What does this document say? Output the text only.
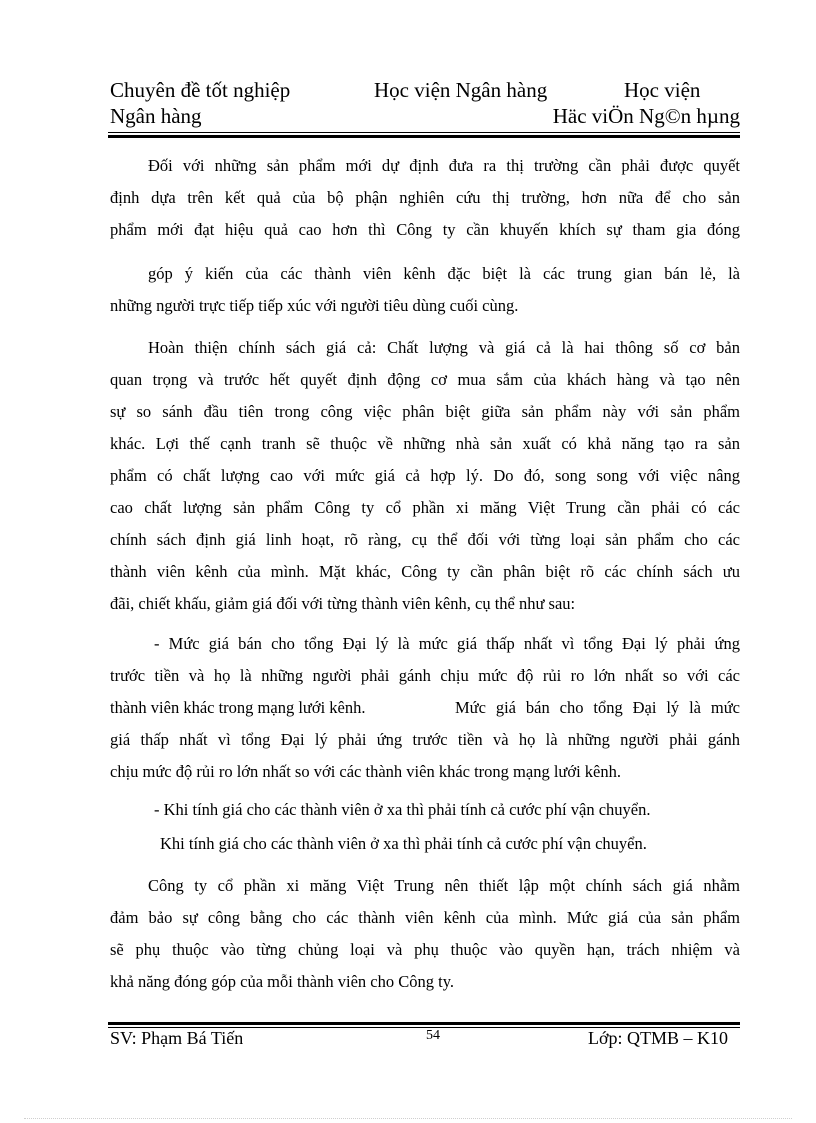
Chuyên đề tốt nghiệp	Học viện Ngân hàng	Học viện
Ngân hàng	Häc viÖn Ng©n hµng
Đối với những sản phẩm mới dự định đưa ra thị trường cần phải được quyết
định dựa trên kết quả của bộ phận nghiên cứu thị trường, hơn nữa để cho sản
phẩm mới đạt hiệu quả cao hơn thì Công ty cần khuyến khích sự tham gia đóng
góp ý kiến của các thành viên kênh đặc biệt là các trung gian bán lẻ, là
những người trực tiếp tiếp xúc với người tiêu dùng cuối cùng.
Hoàn thiện chính sách giá cả: Chất lượng và giá cả là hai thông số cơ bản
quan trọng và trước hết quyết định động cơ mua sắm của khách hàng và tạo nên
sự so sánh đầu tiên trong công việc phân biệt giữa sản phẩm này với sản phẩm
khác. Lợi thế cạnh tranh sẽ thuộc về những nhà sản xuất có khả năng tạo ra sản
phẩm có chất lượng cao với mức giá cả hợp lý. Do đó, song song với việc nâng
cao chất lượng sản phẩm Công ty cổ phần xi măng Việt Trung cần phải có các
chính sách định giá linh hoạt, rõ ràng, cụ thể đối với từng loại sản phẩm cho các
thành viên kênh của mình. Mặt khác, Công ty cần phân biệt rõ các chính sách ưu
đãi, chiết khấu, giảm giá đối với từng thành viên kênh, cụ thể như sau:
- Mức giá bán cho tổng Đại lý là mức giá thấp nhất vì tổng Đại lý phải ứng
trước tiền và họ là những người phải gánh chịu mức độ rủi ro lớn nhất so với các
thành viên khác trong mạng lưới kênh.	Mức giá bán cho tổng Đại lý là mức
giá thấp nhất vì tổng Đại lý phải ứng trước tiền và họ là những người phải gánh
chịu mức độ rủi ro lớn nhất so với các thành viên khác trong mạng lưới kênh.
- Khi tính giá cho các thành viên ở xa thì phải tính cả cước phí vận chuyển.
Khi tính giá cho các thành viên ở xa thì phải tính cả cước phí vận chuyển.
Công ty cổ phần xi măng Việt Trung nên thiết lập một chính sách giá nhằm
đảm bảo sự công bằng cho các thành viên kênh của mình. Mức giá của sản phẩm
sẽ phụ thuộc vào từng chủng loại và phụ thuộc vào quyền hạn, trách nhiệm và
khả năng đóng góp của mỗi thành viên cho Công ty.
SV: Phạm Bá Tiến	54	Lớp: QTMB – K10
